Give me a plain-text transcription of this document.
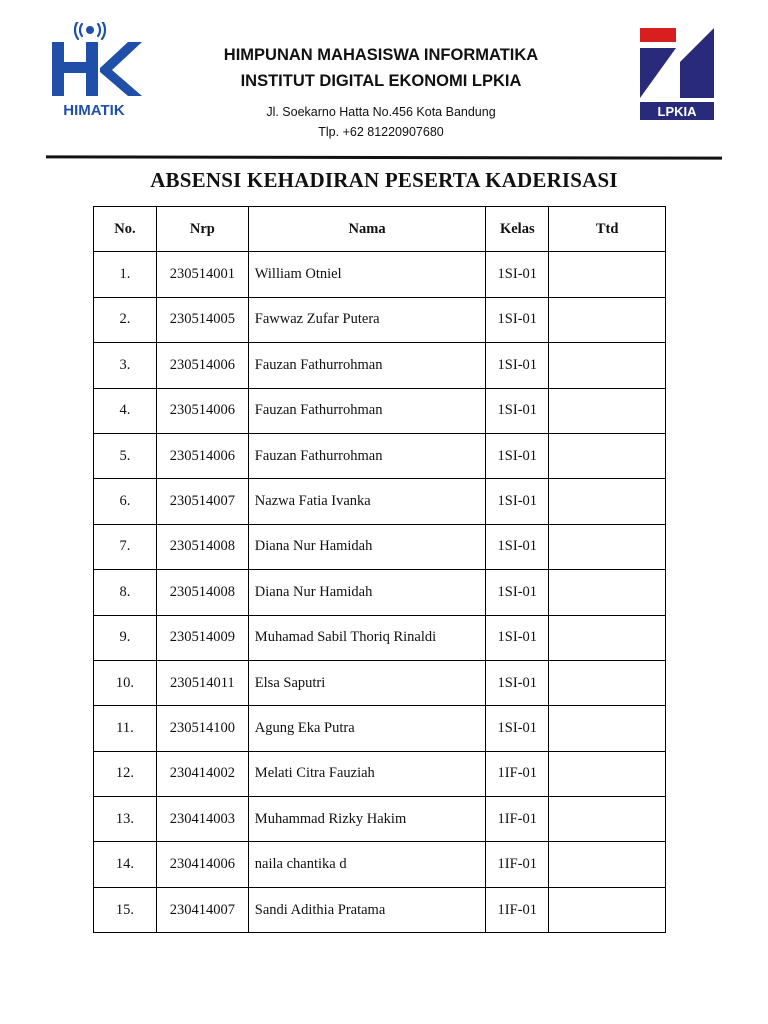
HIMATIK
HIMPUNAN MAHASISWA INFORMATIKA
INSTITUT DIGITAL EKONOMI LPKIA
Jl. Soekarno Hatta No.456 Kota Bandung
Tlp. +62 81220907680
LPKIA
ABSENSI KEHADIRAN PESERTA KADERISASI
No.	Nrp	Nama	Kelas	Ttd
1.	230514001	William Otniel	1SI-01	
2.	230514005	Fawwaz Zufar Putera	1SI-01	
3.	230514006	Fauzan Fathurrohman	1SI-01	
4.	230514006	Fauzan Fathurrohman	1SI-01	
5.	230514006	Fauzan Fathurrohman	1SI-01	
6.	230514007	Nazwa Fatia Ivanka	1SI-01	
7.	230514008	Diana Nur Hamidah	1SI-01	
8.	230514008	Diana Nur Hamidah	1SI-01	
9.	230514009	Muhamad Sabil Thoriq Rinaldi	1SI-01	
10.	230514011	Elsa Saputri	1SI-01	
11.	230514100	Agung Eka Putra	1SI-01	
12.	230414002	Melati Citra Fauziah	1IF-01	
13.	230414003	Muhammad Rizky Hakim	1IF-01	
14.	230414006	naila chantika d	1IF-01	
15.	230414007	Sandi Adithia Pratama	1IF-01	
